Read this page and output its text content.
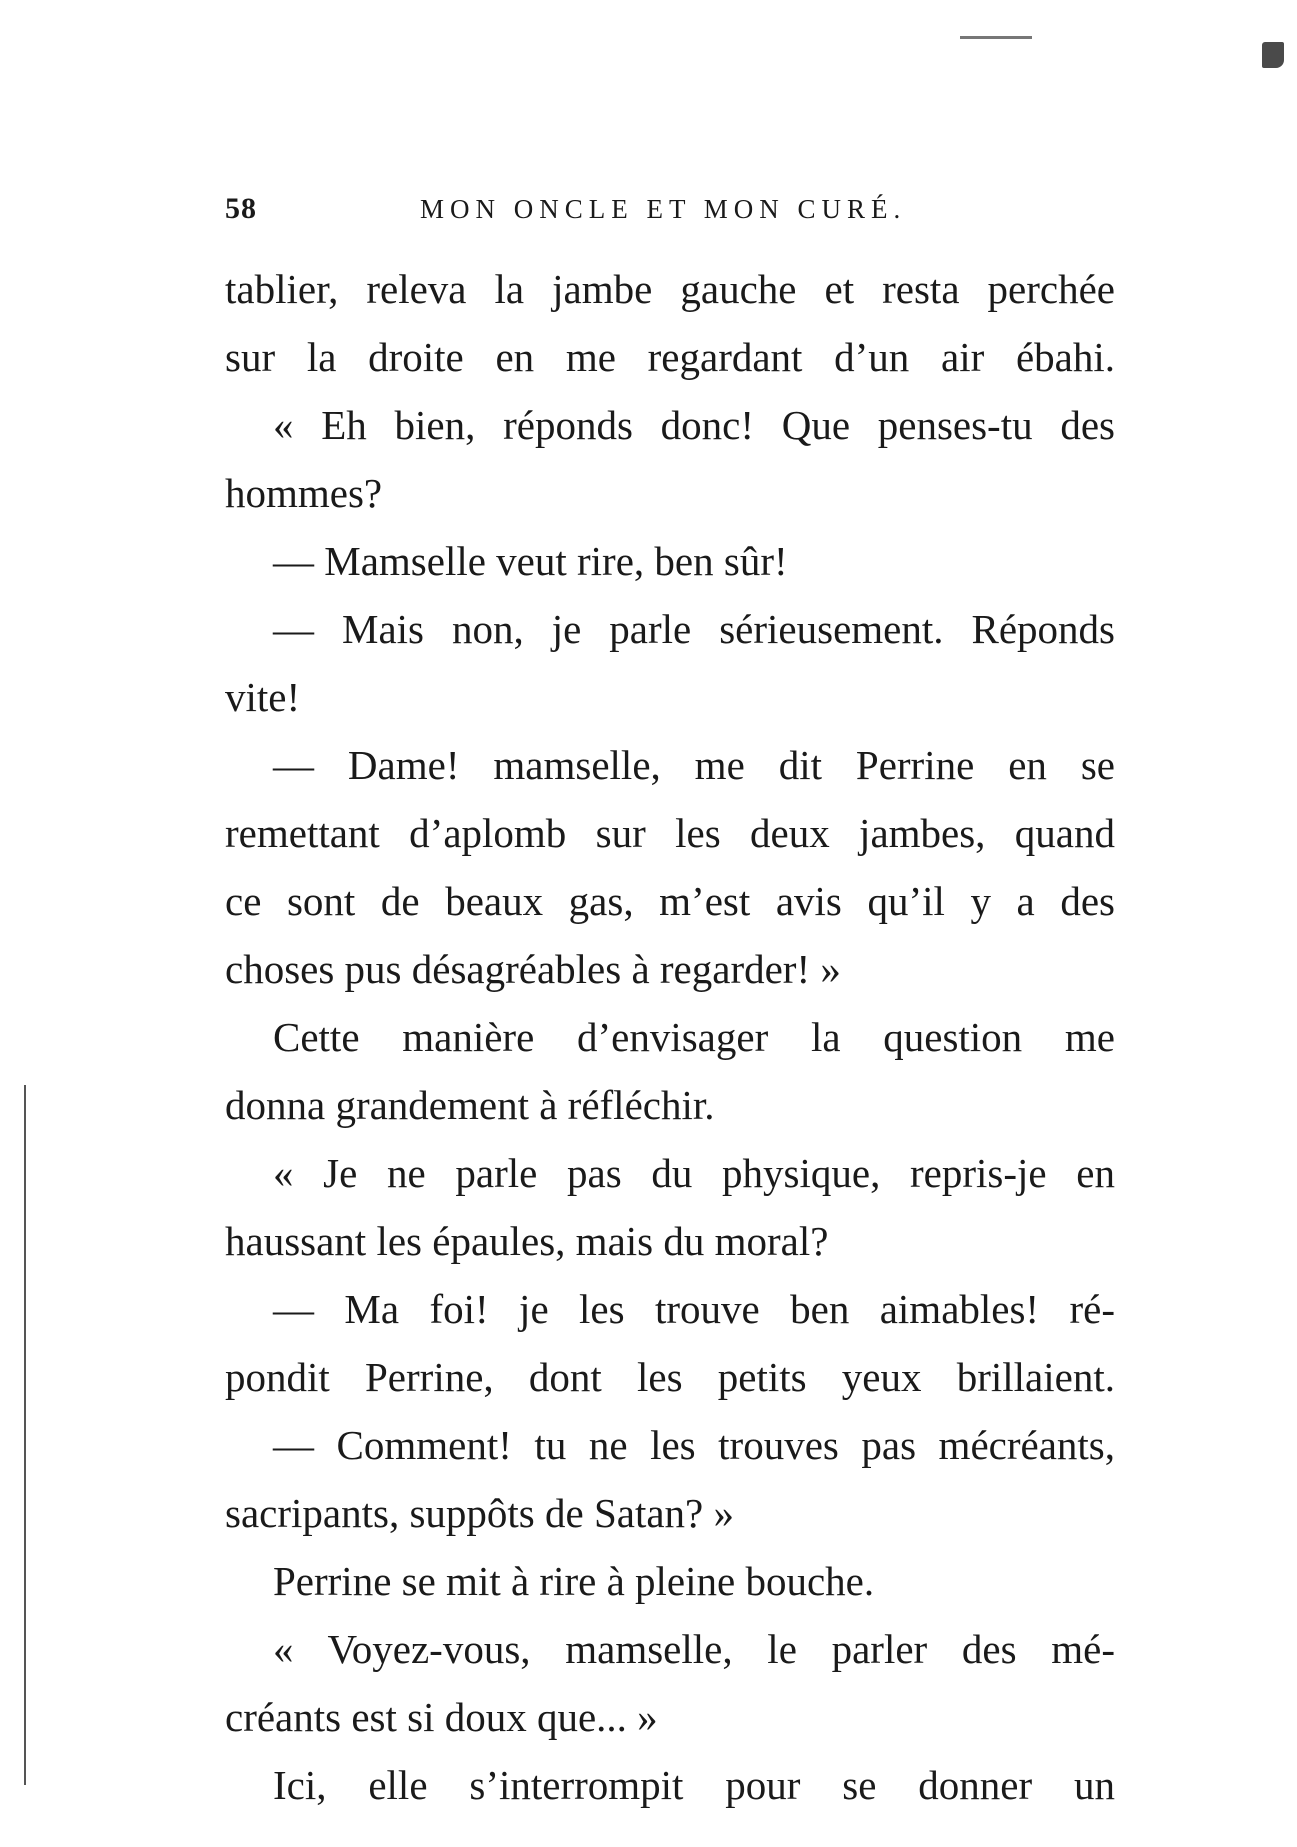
58	MON ONCLE ET MON CURÉ.
tablier, releva la jambe gauche et resta perchée
sur la droite en me regardant d’un air ébahi.
« Eh bien, réponds donc! Que penses-tu des
hommes?
— Mamselle veut rire, ben sûr!
— Mais non, je parle sérieusement. Réponds
vite!
— Dame! mamselle, me dit Perrine en se
remettant d’aplomb sur les deux jambes, quand
ce sont de beaux gas, m’est avis qu’il y a des
choses pus désagréables à regarder! »
Cette manière d’envisager la question me
donna grandement à réfléchir.
« Je ne parle pas du physique, repris-je en
haussant les épaules, mais du moral?
— Ma foi! je les trouve ben aimables! ré-
pondit Perrine, dont les petits yeux brillaient.
— Comment! tu ne les trouves pas mécréants,
sacripants, suppôts de Satan? »
Perrine se mit à rire à pleine bouche.
« Voyez-vous, mamselle, le parler des mé-
créants est si doux que... »
Ici, elle s’interrompit pour se donner un
